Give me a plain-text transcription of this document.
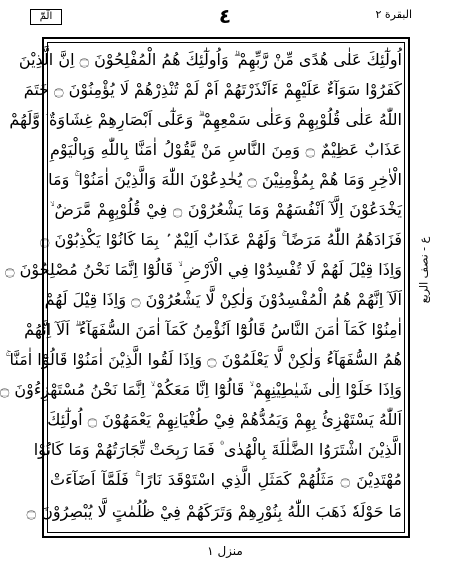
الٓمّٓ	٤	البقرة ٢
اُولٰٓئِكَ عَلٰى هُدًى مِّنْ رَّبِّهِمْ ۗ وَاُولٰٓئِكَ هُمُ الْمُفْلِحُوْنَ ۝ اِنَّ الَّذِيْنَ
كَفَرُوْا سَوَآءٌ عَلَيْهِمْ ءَاَنْذَرْتَهُمْ اَمْ لَمْ تُنْذِرْهُمْ لَا يُؤْمِنُوْنَ ۝ خَتَمَ
اللّٰهُ عَلٰى قُلُوْبِهِمْ وَعَلٰى سَمْعِهِمْ ۗ وَعَلٰٓى اَبْصَارِهِمْ غِشَاوَةٌ ؗ وَّلَهُمْ
عَذَابٌ عَظِيْمٌ ۝ وَمِنَ النَّاسِ مَنْ يَّقُوْلُ اٰمَنَّا بِاللّٰهِ وَبِالْيَوْمِ
الْاٰخِرِ وَمَا هُمْ بِمُؤْمِنِيْنَ ۝ يُخٰدِعُوْنَ اللّٰهَ وَالَّذِيْنَ اٰمَنُوْا ۚ وَمَا
يَخْدَعُوْنَ اِلَّآ اَنْفُسَهُمْ وَمَا يَشْعُرُوْنَ ۝ فِيْ قُلُوْبِهِمْ مَّرَضٌ ۙ
فَزَادَهُمُ اللّٰهُ مَرَضًا ۚ وَلَهُمْ عَذَابٌ اَلِيْمٌ ۢ بِمَا كَانُوْا يَكْذِبُوْنَ ۝
وَاِذَا قِيْلَ لَهُمْ لَا تُفْسِدُوْا فِي الْاَرْضِ ۙ قَالُوْٓا اِنَّمَا نَحْنُ مُصْلِحُوْنَ ۝
اَلَآ اِنَّهُمْ هُمُ الْمُفْسِدُوْنَ وَلٰكِنْ لَّا يَشْعُرُوْنَ ۝ وَاِذَا قِيْلَ لَهُمْ
اٰمِنُوْا كَمَآ اٰمَنَ النَّاسُ قَالُوْٓا اَنُؤْمِنُ كَمَآ اٰمَنَ السُّفَهَآءُ ۗ اَلَآ اِنَّهُمْ
هُمُ السُّفَهَآءُ وَلٰكِنْ لَّا يَعْلَمُوْنَ ۝ وَاِذَا لَقُوا الَّذِيْنَ اٰمَنُوْا قَالُوْٓا اٰمَنَّا ۚ
وَاِذَا خَلَوْا اِلٰى شَيٰطِيْنِهِمْ ۙ قَالُوْٓا اِنَّا مَعَكُمْ ۙ اِنَّمَا نَحْنُ مُسْتَهْزِءُوْنَ ۝
اَللّٰهُ يَسْتَهْزِئُ بِهِمْ وَيَمُدُّهُمْ فِيْ طُغْيَانِهِمْ يَعْمَهُوْنَ ۝ اُولٰٓئِكَ
الَّذِيْنَ اشْتَرَوُا الضَّلٰلَةَ بِالْهُدٰى ۠ فَمَا رَبِحَتْ تِّجَارَتُهُمْ وَمَا كَانُوْا
مُهْتَدِيْنَ ۝ مَثَلُهُمْ كَمَثَلِ الَّذِي اسْتَوْقَدَ نَارًا ۚ فَلَمَّآ اَضَآءَتْ
مَا حَوْلَهٗ ذَهَبَ اللّٰهُ بِنُوْرِهِمْ وَتَرَكَهُمْ فِيْ ظُلُمٰتٍ لَّا يُبْصِرُوْنَ ۝
ع - نصف الربع
منزل ١
